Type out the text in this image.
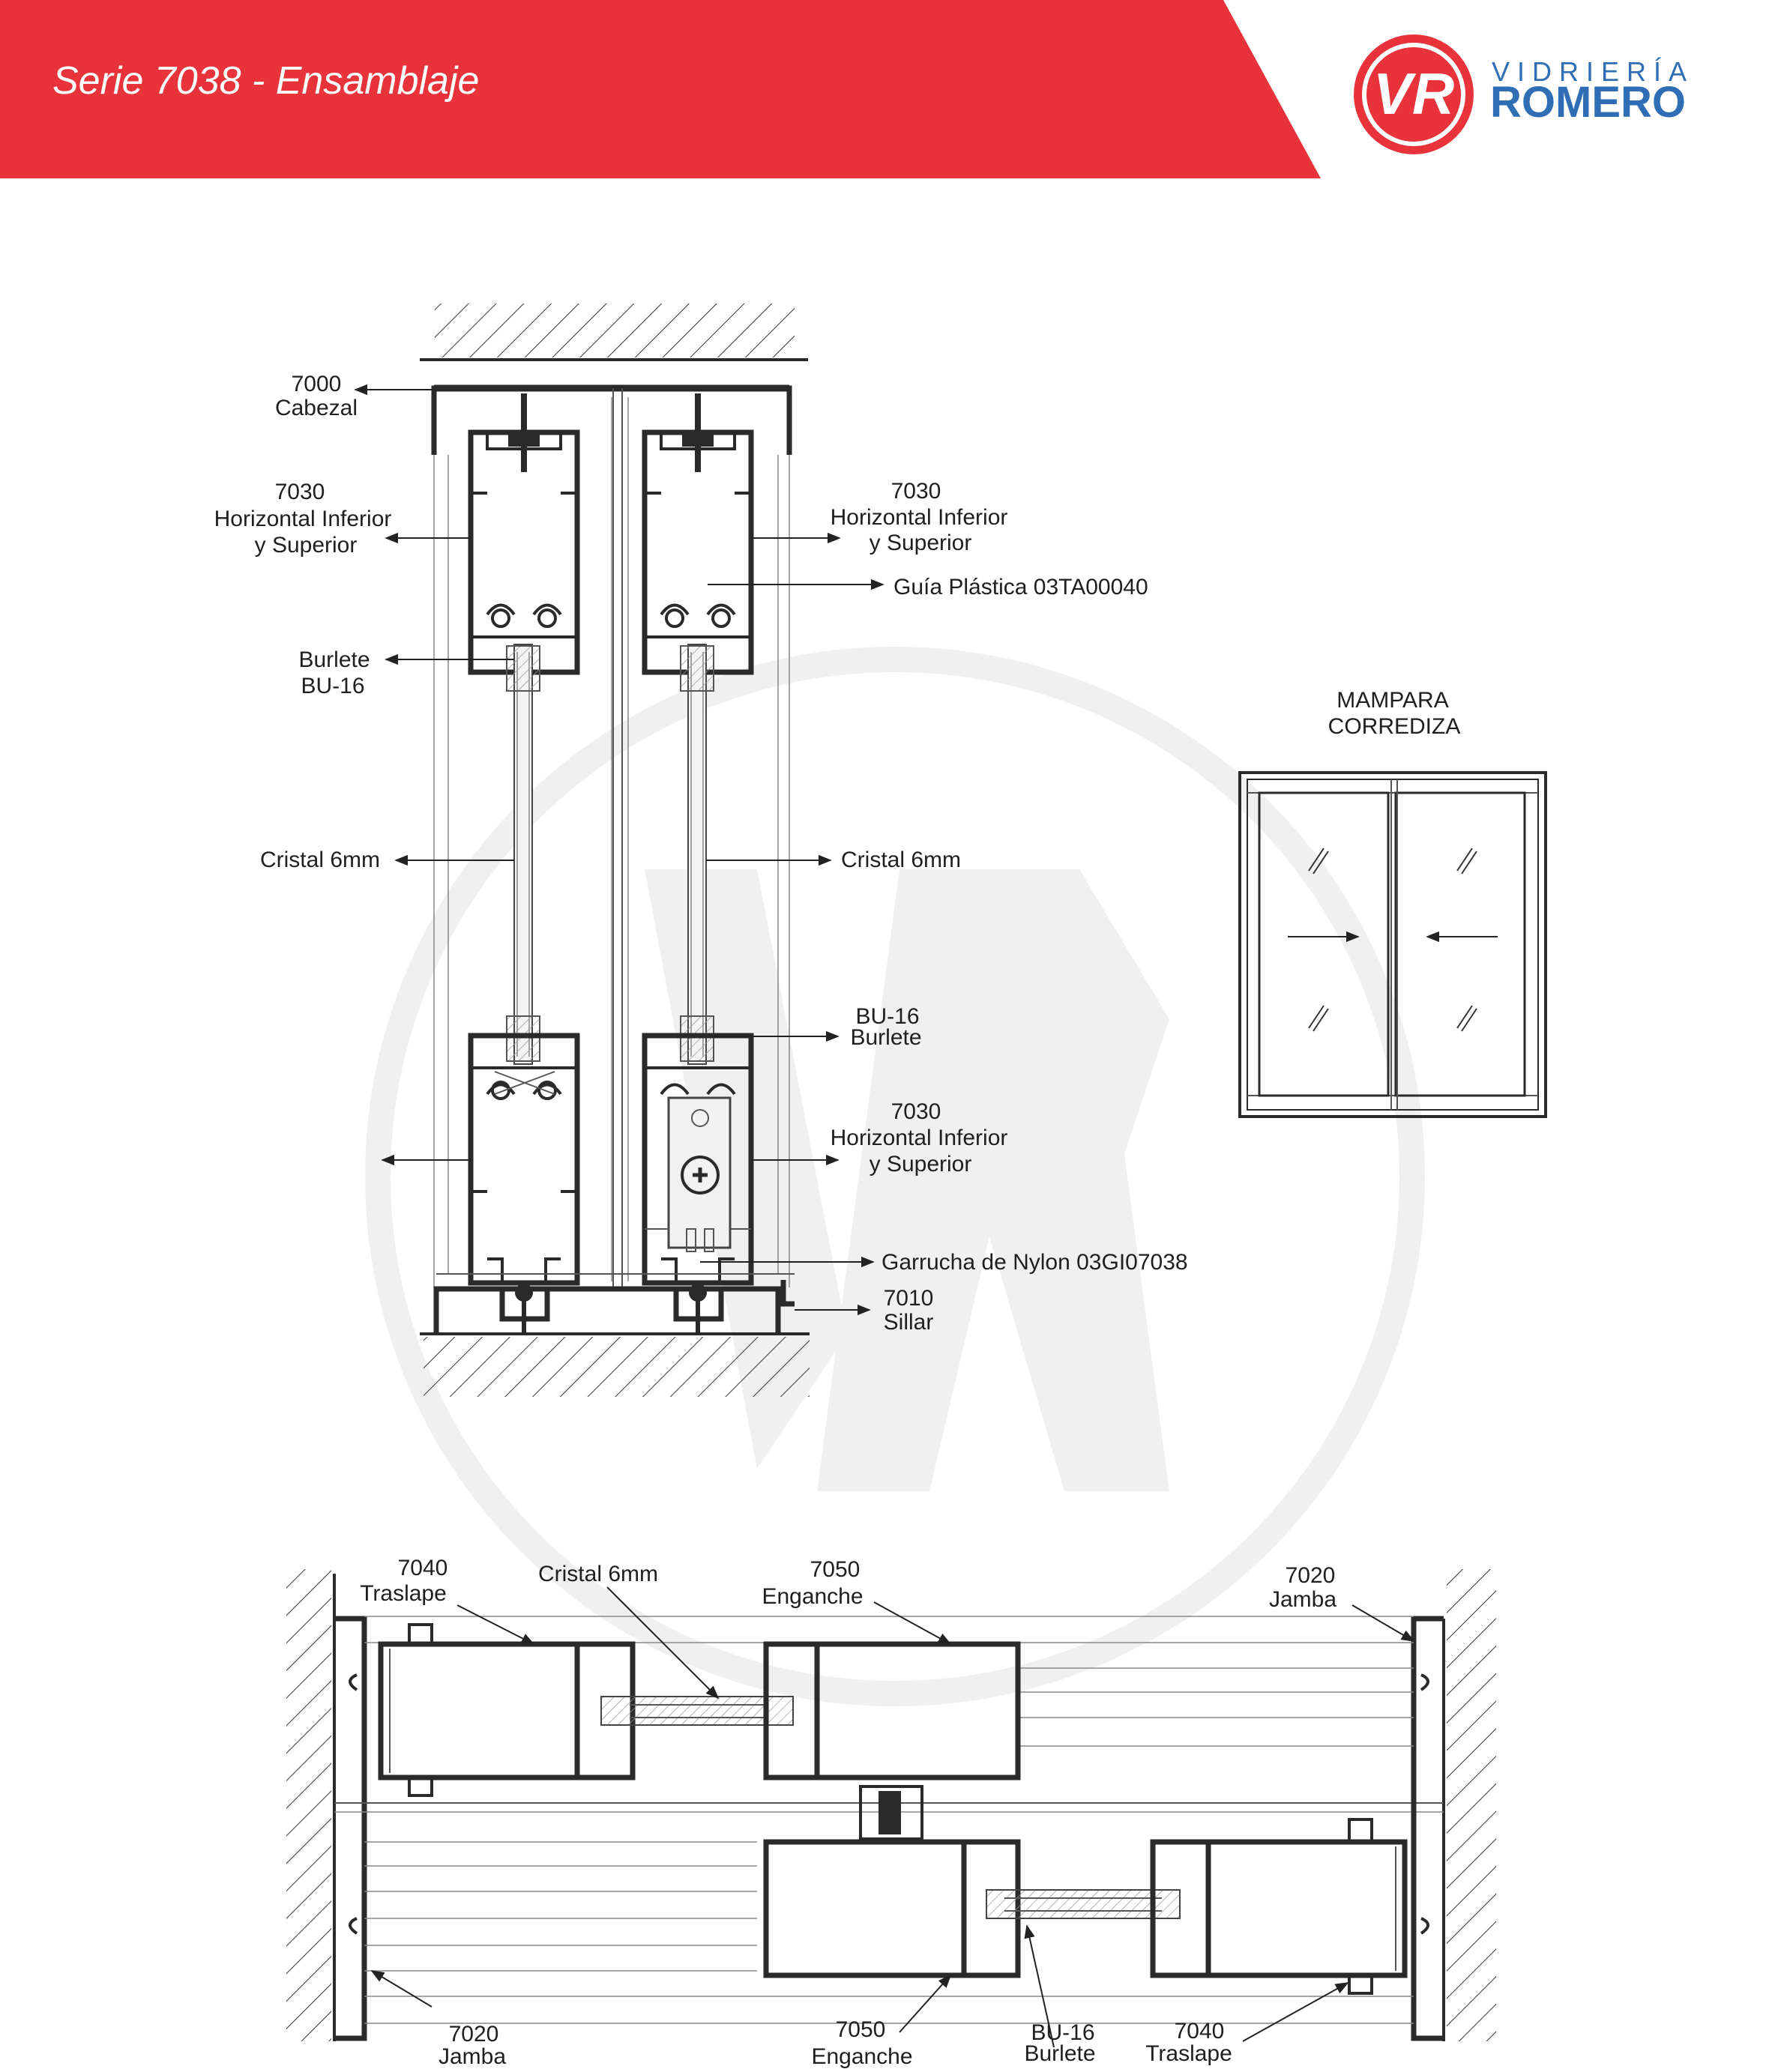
VR VIDRIERÍA
ROMERO
7000
Cabezal
7030
Horizontal Inferior
y Superior
7030
Horizontal Inferior
y Superior
Guía Plástica 03TA00040
Burlete
BU-16
Cristal 6mm	Cristal 6mm
BU-16
Burlete
7030
Horizontal Inferior
y Superior
Garrucha de Nylon 03GI07038
7010
Sillar
MAMPARA
CORREDIZA
7040
Traslape
Cristal 6mm	7050
Enganche
7020
Jamba
7020
Jamba
7050
Enganche
BU-16
Burlete
7040
Traslape
Serie 7038 - Ensamblaje
